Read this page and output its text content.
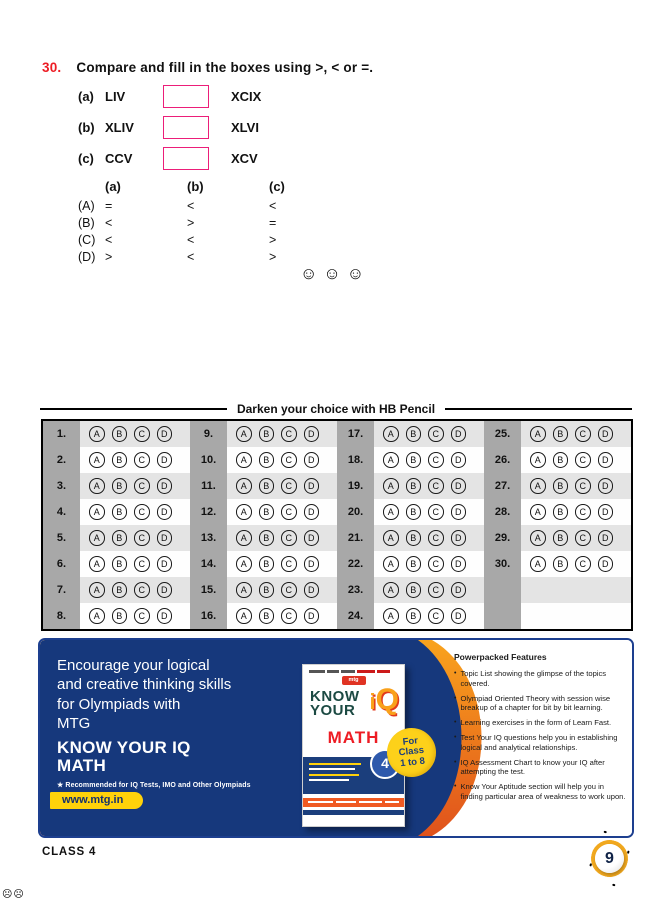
30. Compare and fill in the boxes using >, < or =.
(a) LIV	XCIX
(b) XLIV	XLVI
(c) CCV	XCV
(a)	(b)	(c)
(A) =	<	<
(B) <	>	=
(C) <	<	>
(D) >	<	>
☺☺☺
Darken your choice with HB Pencil
1.	A	B	C	D	9.	A	B	C	D	17.	A	B	C	D	25.	A	B	C	D
2.	A	B	C	D	10.	A	B	C	D	18.	A	B	C	D	26.	A	B	C	D
3.	A	B	C	D	11.	A	B	C	D	19.	A	B	C	D	27.	A	B	C	D
4.	A	B	C	D	12.	A	B	C	D	20.	A	B	C	D	28.	A	B	C	D
5.	A	B	C	D	13.	A	B	C	D	21.	A	B	C	D	29.	A	B	C	D
6.	A	B	C	D	14.	A	B	C	D	22.	A	B	C	D	30.	A	B	C	D
7.	A	B	C	D	15.	A	B	C	D	23.	A	B	C	D
8.	A	B	C	D	16.	A	B	C	D	24.	A	B	C	D
Encourage your logical
and creative thinking skills
for Olympiads with
MTG
KNOW YOUR IQ
MATH
★ Recommended for IQ Tests, IMO and Other Olympiads
www.mtg.in
mtg
KNOW
YOUR iQ
MATH
4
For
Class
1 to 8
Powerpacked Features
• Topic List showing the glimpse of the topics covered.
• Olympiad Oriented Theory with session wise breakup of a chapter for bit by bit learning.
• Learning exercises in the form of Learn Fast.
• Test Your IQ questions help you in establishing logical and analytical relationships.
• IQ Assessment Chart to know your IQ after attempting the test.
• Know Your Aptitude section will help you in finding particular area of weakness to work upon.
CLASS 4	9
☹☹
